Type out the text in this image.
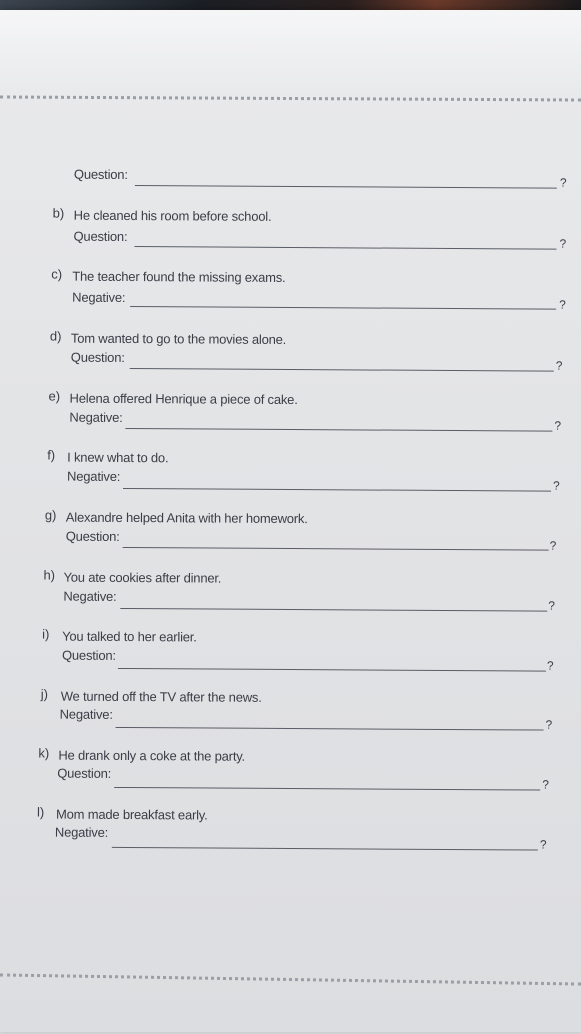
Question:
?
b) He cleaned his room before school.
Question:	?
c) The teacher found the missing exams.
Negative:	?
d) Tom wanted to go to the movies alone.
Question:
?
e) Helena offered Henrique a piece of cake.
Negative:
?
f) I knew what to do.
Negative:
?
g) Alexandre helped Anita with her homework.
Question:
?
h) You ate cookies after dinner.
Negative:
?
i) You talked to her earlier.
Question:
?
j) We turned off the TV after the news.
Negative:
?
k) He drank only a coke at the party.
Question:
?
l) Mom made breakfast early.
Negative:
?
